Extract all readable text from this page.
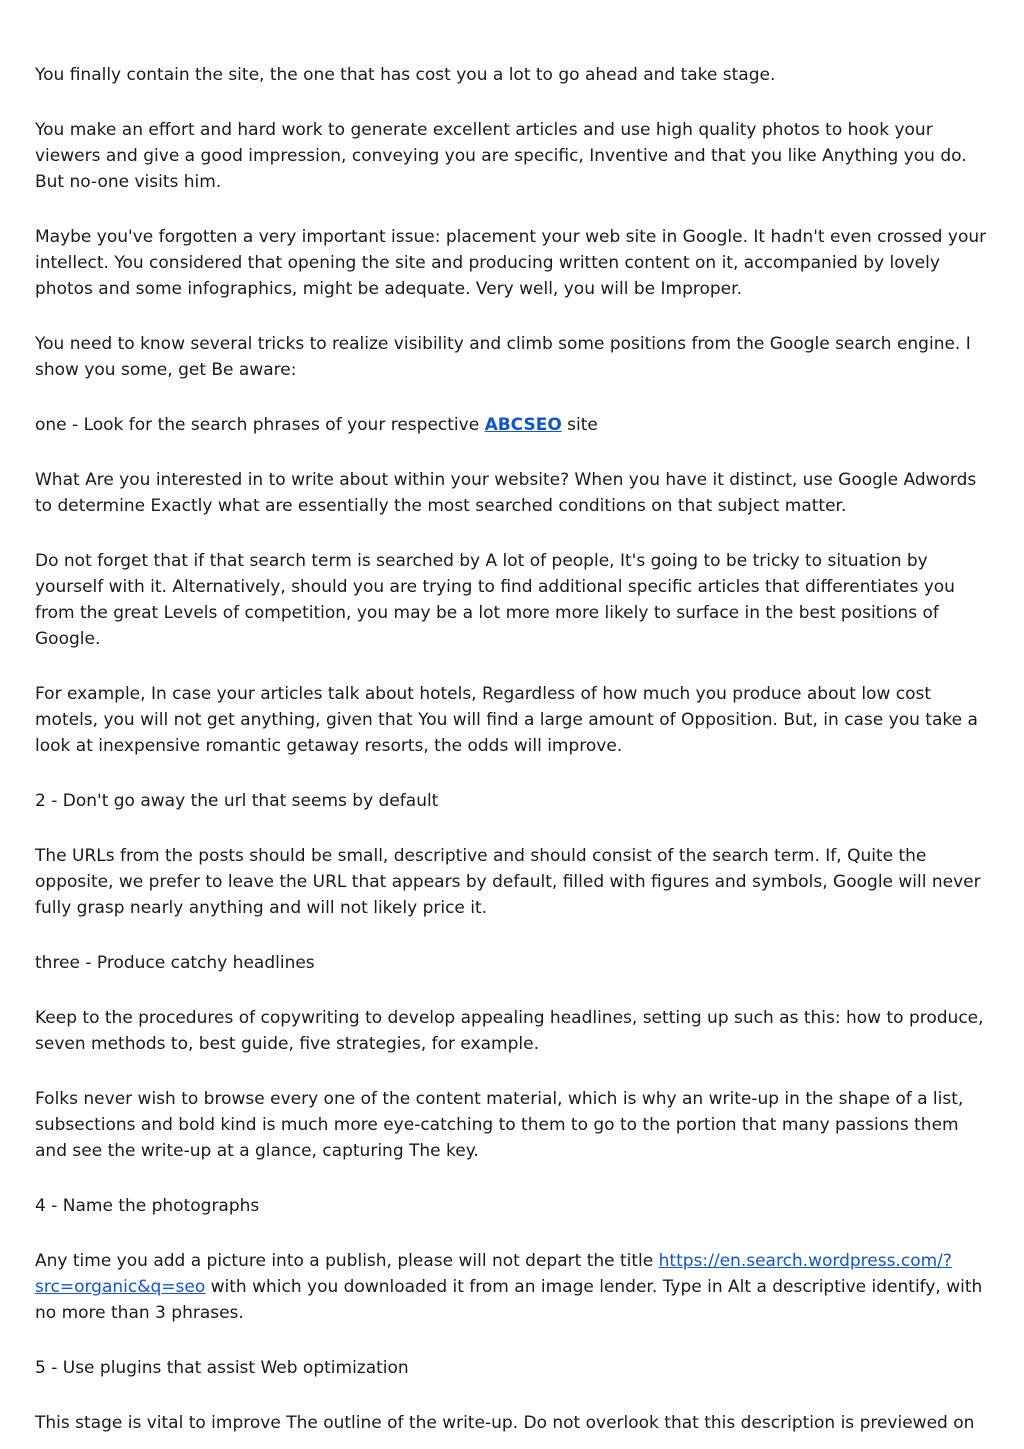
You finally contain the site, the one that has cost you a lot to go ahead and take stage.

You make an effort and hard work to generate excellent articles and use high quality photos to hook your viewers and give a good impression, conveying you are specific, Inventive and that you like Anything you do. But no-one visits him.

Maybe you've forgotten a very important issue: placement your web site in Google. It hadn't even crossed your intellect. You considered that opening the site and producing written content on it, accompanied by lovely photos and some infographics, might be adequate. Very well, you will be Improper.

You need to know several tricks to realize visibility and climb some positions from the Google search engine. I show you some, get Be aware:

one - Look for the search phrases of your respective ABCSEO site

What Are you interested in to write about within your website? When you have it distinct, use Google Adwords to determine Exactly what are essentially the most searched conditions on that subject matter.

Do not forget that if that search term is searched by A lot of people, It's going to be tricky to situation by yourself with it. Alternatively, should you are trying to find additional specific articles that differentiates you from the great Levels of competition, you may be a lot more more likely to surface in the best positions of Google.

For example, In case your articles talk about hotels, Regardless of how much you produce about low cost motels, you will not get anything, given that You will find a large amount of Opposition. But, in case you take a look at inexpensive romantic getaway resorts, the odds will improve.

2 - Don't go away the url that seems by default

The URLs from the posts should be small, descriptive and should consist of the search term. If, Quite the opposite, we prefer to leave the URL that appears by default, filled with figures and symbols, Google will never fully grasp nearly anything and will not likely price it.

three - Produce catchy headlines

Keep to the procedures of copywriting to develop appealing headlines, setting up such as this: how to produce, seven methods to, best guide, five strategies, for example.

Folks never wish to browse every one of the content material, which is why an write-up in the shape of a list, subsections and bold kind is much more eye-catching to them to go to the portion that many passions them and see the write-up at a glance, capturing The key.

4 - Name the photographs

Any time you add a picture into a publish, please will not depart the title https://en.search.wordpress.com/?src=organic&q=seo with which you downloaded it from an image lender. Type in Alt a descriptive identify, with no more than 3 phrases.

5 - Use plugins that assist Web optimization

This stage is vital to improve The outline of the write-up. Do not overlook that this description is previewed on
